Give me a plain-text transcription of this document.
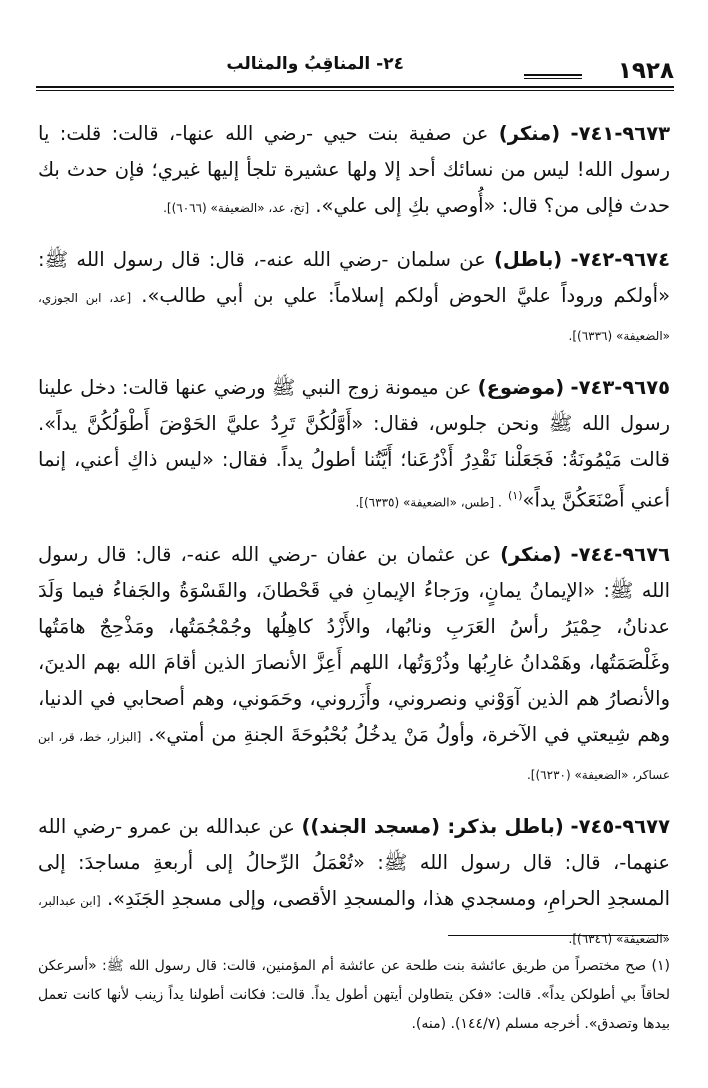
١٩٢٨
٢٤- المناقِبُ والمثالب

٩٦٧٣-٧٤١- (منكر) عن صفية بنت حيي -رضي الله عنها-، قالت: قلت: يا رسول الله! ليس من نسائك أحد إلا ولها عشيرة تلجأ إليها غيري؛ فإن حدث بك حدث فإلى من؟ قال: «أُوصي بكِ إلى علي». [تخ، عد، «الضعيفة» (٦٠٦٦)].

٩٦٧٤-٧٤٢- (باطل) عن سلمان -رضي الله عنه-، قال: قال رسول الله ﷺ: «أولكم وروداً عليَّ الحوض أولكم إسلاماً: علي بن أبي طالب». [عد، ابن الجوزي، «الضعيفة» (٦٣٣٦)].

٩٦٧٥-٧٤٣- (موضوع) عن ميمونة زوج النبي ﷺ ورضي عنها قالت: دخل علينا رسول الله ﷺ ونحن جلوس، فقال: «أَوَّلُكُنَّ تَرِدُ عليَّ الحَوْضَ أَطْوَلُكُنَّ يداً». قالت مَيْمُونَةُ: فَجَعَلْنا نَقْدِرُ أَذْرُعَنا؛ أَيَّتُنا أطولُ يداً. فقال: «ليس ذاكِ أعني، إنما أعني أَصْنَعَكُنَّ يداً»$^{(١)}$ . [طس، «الضعيفة» (٦٣٣٥)].

٩٦٧٦-٧٤٤- (منكر) عن عثمان بن عفان -رضي الله عنه-، قال: قال رسول الله ﷺ: «الإيمانُ يمانٍ، ورَجاءُ الإيمانِ في قَحْطانَ، والقَسْوَةُ والجَفاءُ فيما وَلَدَ عدنانُ، حِمْيَرُ رأسُ العَرَبِ ونابُها، والأَزْدُ كاهِلُها وجُمْجُمَتُها، ومَذْحِجٌ هامَتُها وغَلْصَمَتُها، وهَمْدانُ غارِبُها وذُرْوَتُها، اللهم أَعِزَّ الأنصارَ الذين أقامَ الله بهم الدينَ، والأنصارُ هم الذين آوَوْني ونصروني، وأَزَروني، وحَمَوني، وهم أصحابي في الدنيا، وهم شِيعتي في الآخرة، وأولُ مَنْ يدخُلُ بُحْبُوحَةَ الجنةِ من أمتي». [البزار، خط، قر، ابن عساكر، «الضعيفة» (٦٢٣٠)].

٩٦٧٧-٧٤٥- (باطل بذكر: (مسجد الجند)) عن عبدالله بن عمرو -رضي الله عنهما-، قال: قال رسول الله ﷺ: «تُعْمَلُ الرِّحالُ إلى أربعةِ مساجدَ: إلى المسجدِ الحرامِ، ومسجدي هذا، والمسجدِ الأقصى، وإلى مسجدِ الجَنَدِ». [ابن عبدالبر، «الضعيفة» (٦٣٤٦)].

(١) صح مختصراً من طريق عائشة بنت طلحة عن عائشة أم المؤمنين، قالت: قال رسول الله ﷺ: «أسرعكن لحاقاً بي أطولكن يداً». قالت: «فكن يتطاولن أيتهن أطول يداً. قالت: فكانت أطولنا يداً زينب لأنها كانت تعمل بيدها وتصدق». أخرجه مسلم (١٤٤/٧). (منه).
